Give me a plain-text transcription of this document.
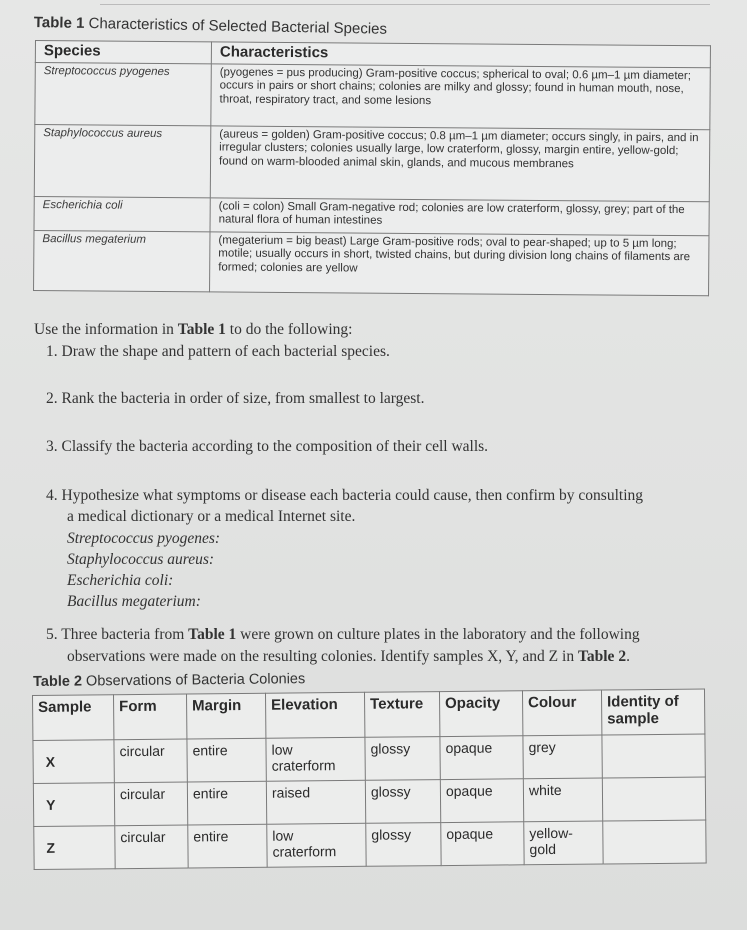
Table 1 Characteristics of Selected Bacterial Species
Species	Characteristics
Streptococcus pyogenes	(pyogenes = pus producing) Gram-positive coccus; spherical to oval; 0.6 µm–1 µm diameter; occurs in pairs or short chains; colonies are milky and glossy; found in human mouth, nose, throat, respiratory tract, and some lesions
Staphylococcus aureus	(aureus = golden) Gram-positive coccus; 0.8 µm–1 µm diameter; occurs singly, in pairs, and in irregular clusters; colonies usually large, low craterform, glossy, margin entire, yellow-gold; found on warm-blooded animal skin, glands, and mucous membranes
Escherichia coli	(coli = colon) Small Gram-negative rod; colonies are low craterform, glossy, grey; part of the natural flora of human intestines
Bacillus megaterium	(megaterium = big beast) Large Gram-positive rods; oval to pear-shaped; up to 5 µm long; motile; usually occurs in short, twisted chains, but during division long chains of filaments are formed; colonies are yellow
Use the information in Table 1 to do the following:
1. Draw the shape and pattern of each bacterial species.
2. Rank the bacteria in order of size, from smallest to largest.
3. Classify the bacteria according to the composition of their cell walls.
4. Hypothesize what symptoms or disease each bacteria could cause, then confirm by consulting
a medical dictionary or a medical Internet site.
Streptococcus pyogenes:
Staphylococcus aureus:
Escherichia coli:
Bacillus megaterium:
5. Three bacteria from Table 1 were grown on culture plates in the laboratory and the following
observations were made on the resulting colonies. Identify samples X, Y, and Z in Table 2.
Table 2 Observations of Bacteria Colonies
Sample	Form	Margin	Elevation	Texture	Opacity	Colour	Identity of sample
X	circular	entire	low craterform	glossy	opaque	grey	
Y	circular	entire	raised	glossy	opaque	white	
Z	circular	entire	low craterform	glossy	opaque	yellow-gold	
